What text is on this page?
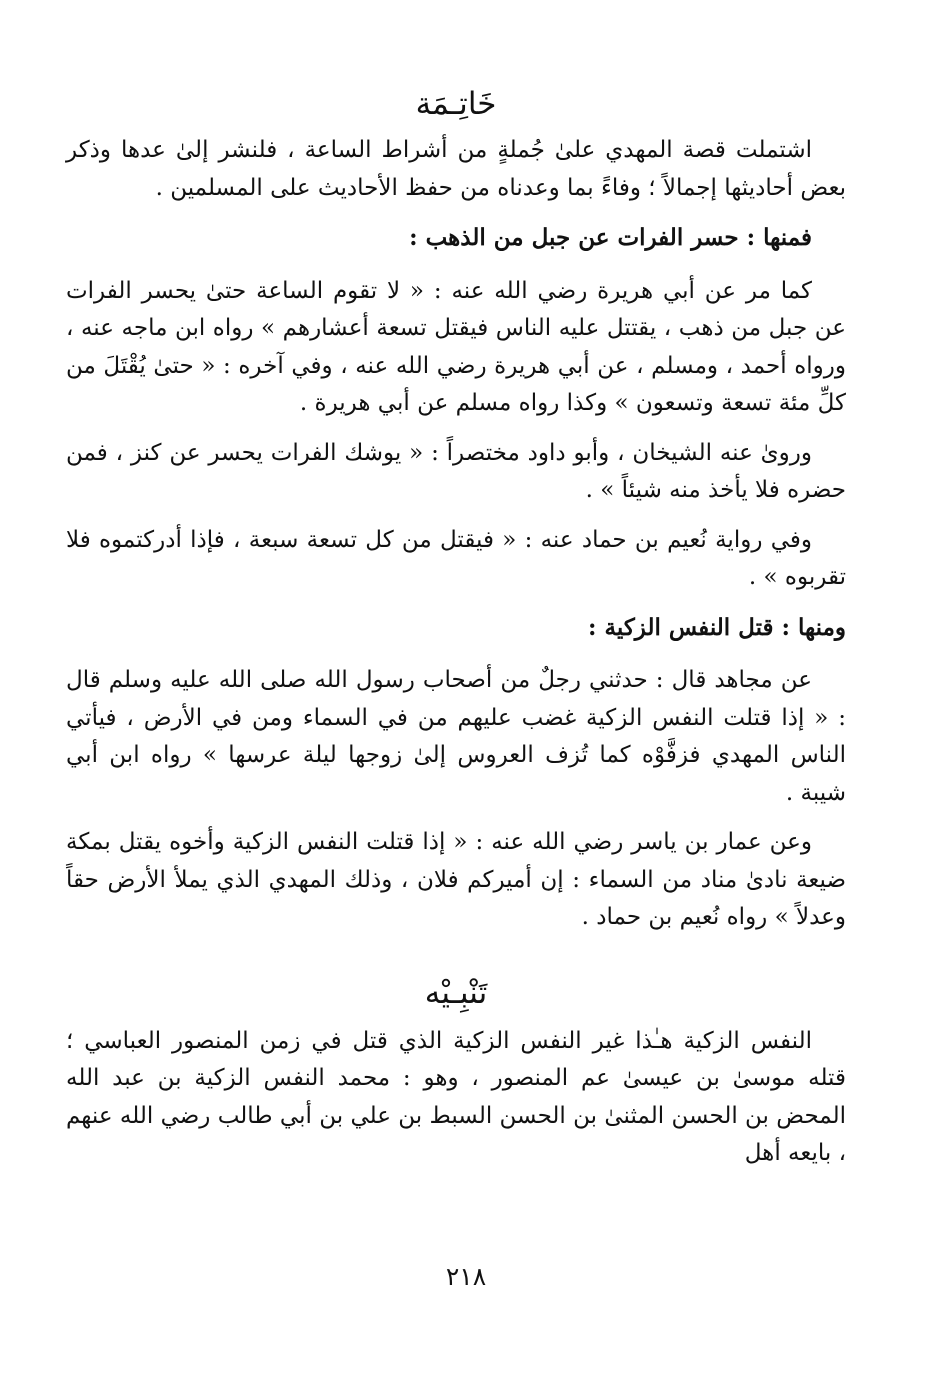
خَاتِـمَة

اشتملت قصة المهدي علىٰ جُملةٍ من أشراط الساعة ، فلنشر إلىٰ عدها وذكر بعض أحاديثها إجمالاً ؛ وفاءً بما وعدناه من حفظ الأحاديث على المسلمين .

فمنها : حسر الفرات عن جبل من الذهب :

كما مر عن أبي هريرة رضي الله عنه : « لا تقوم الساعة حتىٰ يحسر الفرات عن جبل من ذهب ، يقتتل عليه الناس فيقتل تسعة أعشارهم » رواه ابن ماجه عنه ، ورواه أحمد ، ومسلم ، عن أبي هريرة رضي الله عنه ، وفي آخره : « حتىٰ يُقْتَلَ من كلِّ مئة تسعة وتسعون » وكذا رواه مسلم عن أبي هريرة .

ورویٰ عنه الشیخان ، وأبو داود مختصراً : « یوشك الفرات یحسر عن کنز ، فمن حضره فلا یأخذ منه شیئاً » .

وفي رواية نُعيم بن حماد عنه : « فيقتل من كل تسعة سبعة ، فإذا أدركتموه فلا تقربوه » .

ومنها : قتل النفس الزكية :

عن مجاهد قال : حدثني رجلٌ من أصحاب رسول الله صلى الله عليه وسلم قال : « إذا قتلت النفس الزكية غضب عليهم من في السماء ومن في الأرض ، فيأتي الناس المهدي فزفَّوْه كما تُزف العروس إلىٰ زوجها ليلة عرسها » رواه ابن أبي شيبة .

وعن عمار بن ياسر رضي الله عنه : « إذا قتلت النفس الزكية وأخوه يقتل بمكة ضيعة نادىٰ مناد من السماء : إن أميركم فلان ، وذلك المهدي الذي يملأ الأرض حقاً وعدلاً » رواه نُعيم بن حماد .

تَنْبِـيْه

النفس الزكية هـٰذا غير النفس الزكية الذي قتل في زمن المنصور العباسي ؛ قتله موسىٰ بن عيسىٰ عم المنصور ، وهو : محمد النفس الزكية بن عبد الله المحض بن الحسن المثنىٰ بن الحسن السبط بن علي بن أبي طالب رضي الله عنهم ، بايعه أهل

٢١٨
